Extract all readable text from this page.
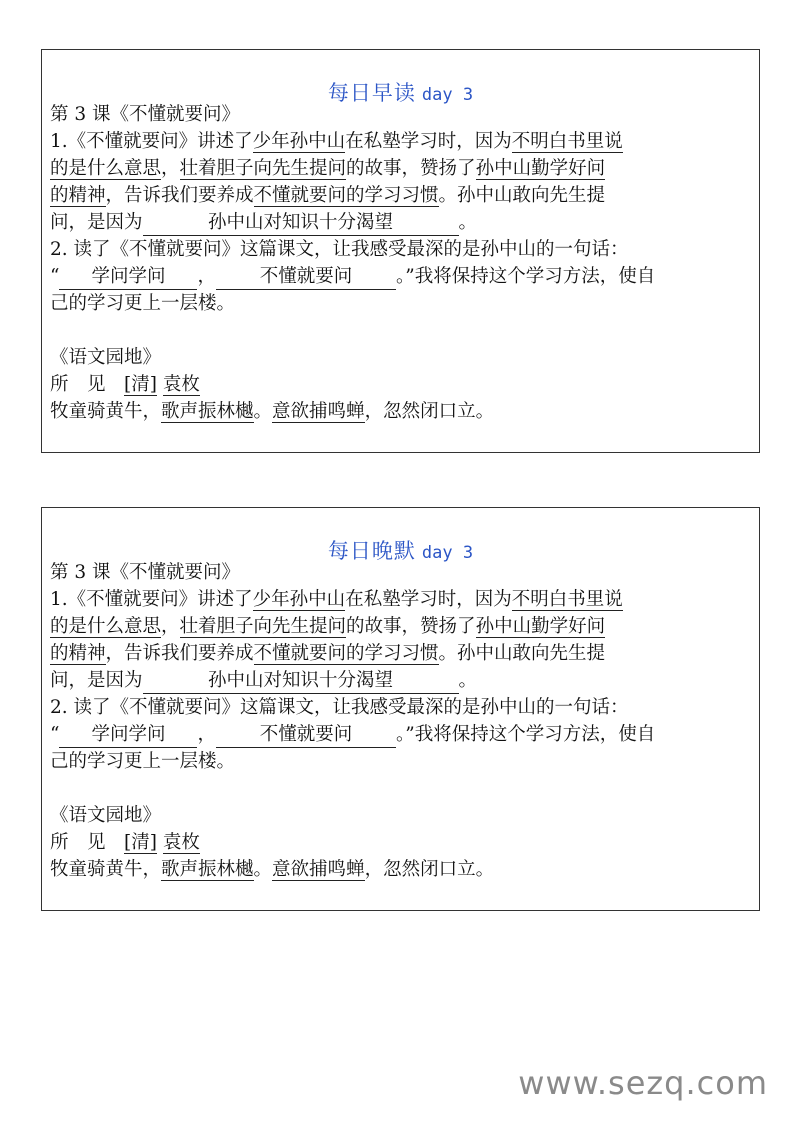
每日早读 day 3
第 3 课《不懂就要问》
1.《不懂就要问》讲述了少年孙中山在私塾学习时，因为不明白书里说
的是什么意思，壮着胆子向先生提问的故事，赞扬了孙中山勤学好问
的精神，告诉我们要养成不懂就要问的学习习惯。孙中山敢向先生提
问，是因为	孙中山对知识十分渴望	。
2. 读了《不懂就要问》这篇课文，让我感受最深的是孙中山的一句话：
“ 学问学问 ， 不懂就要问 。”我将保持这个学习方法，使自
己的学习更上一层楼。
《语文园地》
所　见　[清] 袁枚
牧童骑黄牛，歌声振林樾。意欲捕鸣蝉，忽然闭口立。
每日晚默 day 3
第 3 课《不懂就要问》
1.《不懂就要问》讲述了少年孙中山在私塾学习时，因为不明白书里说
的是什么意思，壮着胆子向先生提问的故事，赞扬了孙中山勤学好问
的精神，告诉我们要养成不懂就要问的学习习惯。孙中山敢向先生提
问，是因为	孙中山对知识十分渴望	。
2. 读了《不懂就要问》这篇课文，让我感受最深的是孙中山的一句话：
“ 学问学问 ， 不懂就要问 。”我将保持这个学习方法，使自
己的学习更上一层楼。
《语文园地》
所　见　[清] 袁枚
牧童骑黄牛，歌声振林樾。意欲捕鸣蝉，忽然闭口立。
www.sezq.com
